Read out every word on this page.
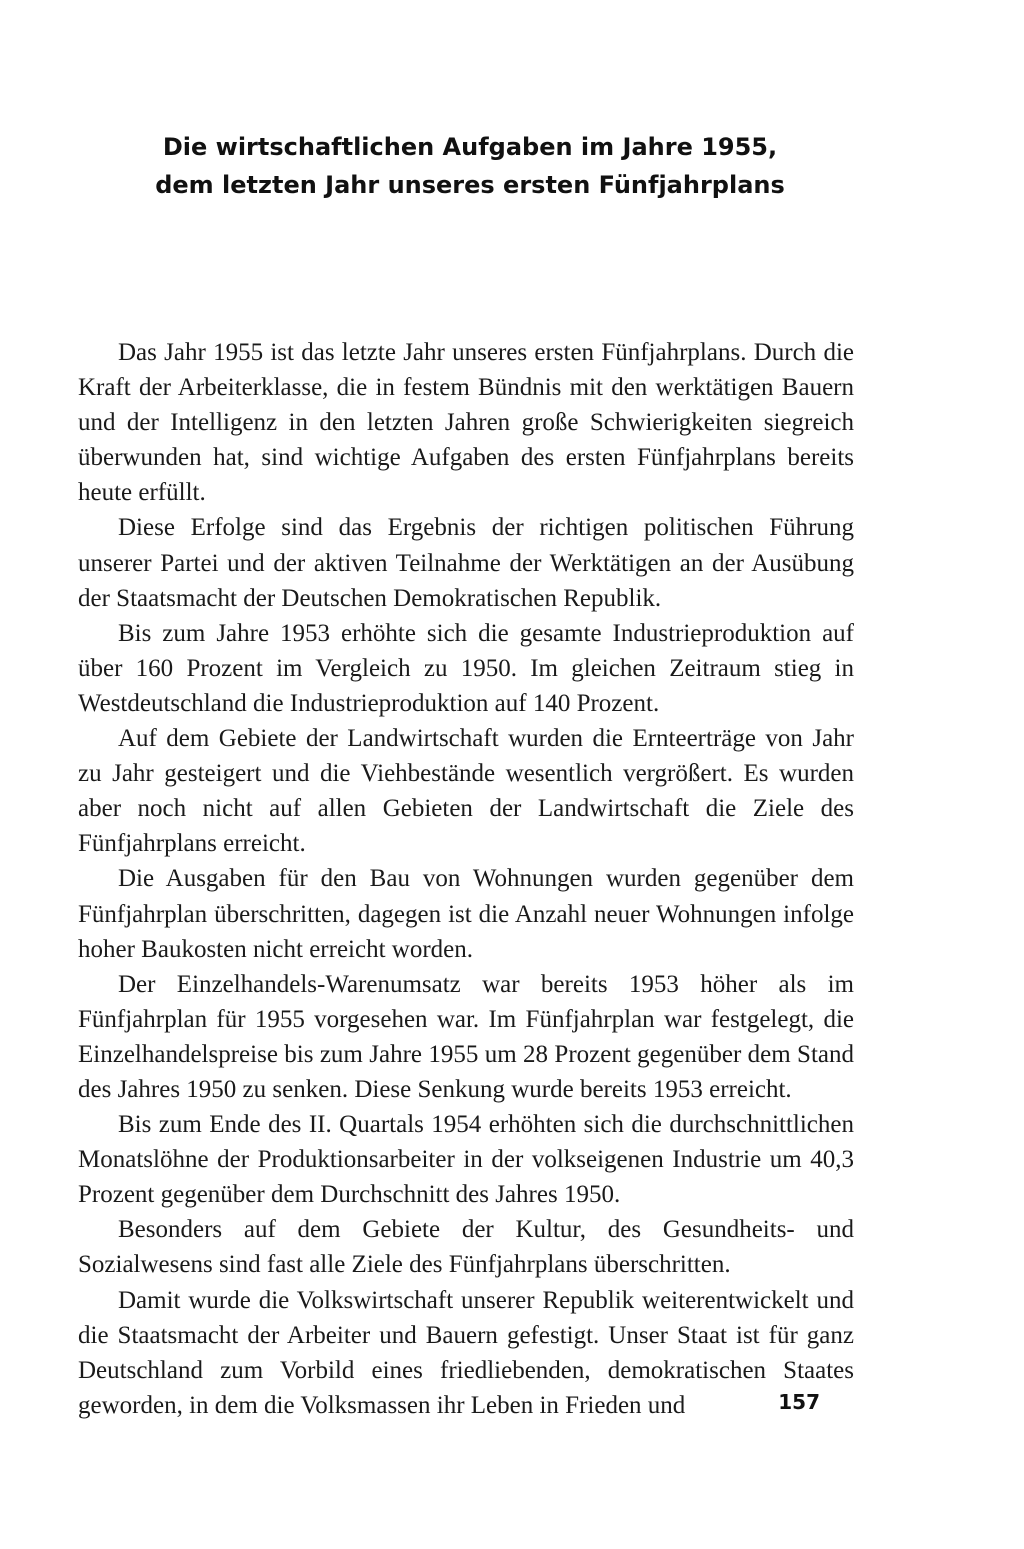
Die wirtschaftlichen Aufgaben im Jahre 1955,
dem letzten Jahr unseres ersten Fünfjahrplans

Das Jahr 1955 ist das letzte Jahr unseres ersten Fünfjahrplans. Durch die Kraft der Arbeiterklasse, die in festem Bündnis mit den werktätigen Bauern und der Intelligenz in den letzten Jahren große Schwierigkeiten siegreich überwunden hat, sind wichtige Aufgaben des ersten Fünfjahrplans bereits heute erfüllt.

Diese Erfolge sind das Ergebnis der richtigen politischen Führung unserer Partei und der aktiven Teilnahme der Werktätigen an der Ausübung der Staatsmacht der Deutschen Demokratischen Republik.

Bis zum Jahre 1953 erhöhte sich die gesamte Industrieproduktion auf über 160 Prozent im Vergleich zu 1950. Im gleichen Zeitraum stieg in Westdeutschland die Industrieproduktion auf 140 Prozent.

Auf dem Gebiete der Landwirtschaft wurden die Ernteerträge von Jahr zu Jahr gesteigert und die Viehbestände wesentlich vergrößert. Es wurden aber noch nicht auf allen Gebieten der Landwirtschaft die Ziele des Fünfjahrplans erreicht.

Die Ausgaben für den Bau von Wohnungen wurden gegenüber dem Fünfjahrplan überschritten, dagegen ist die Anzahl neuer Wohnungen infolge hoher Baukosten nicht erreicht worden.

Der Einzelhandels-Warenumsatz war bereits 1953 höher als im Fünfjahrplan für 1955 vorgesehen war. Im Fünfjahrplan war festgelegt, die Einzelhandelspreise bis zum Jahre 1955 um 28 Prozent gegenüber dem Stand des Jahres 1950 zu senken. Diese Senkung wurde bereits 1953 erreicht.

Bis zum Ende des II. Quartals 1954 erhöhten sich die durchschnittlichen Monatslöhne der Produktionsarbeiter in der volkseigenen Industrie um 40,3 Prozent gegenüber dem Durchschnitt des Jahres 1950.

Besonders auf dem Gebiete der Kultur, des Gesundheits- und Sozialwesens sind fast alle Ziele des Fünfjahrplans überschritten.

Damit wurde die Volkswirtschaft unserer Republik weiterentwickelt und die Staatsmacht der Arbeiter und Bauern gefestigt. Unser Staat ist für ganz Deutschland zum Vorbild eines friedliebenden, demokratischen Staates geworden, in dem die Volksmassen ihr Leben in Frieden und	157
